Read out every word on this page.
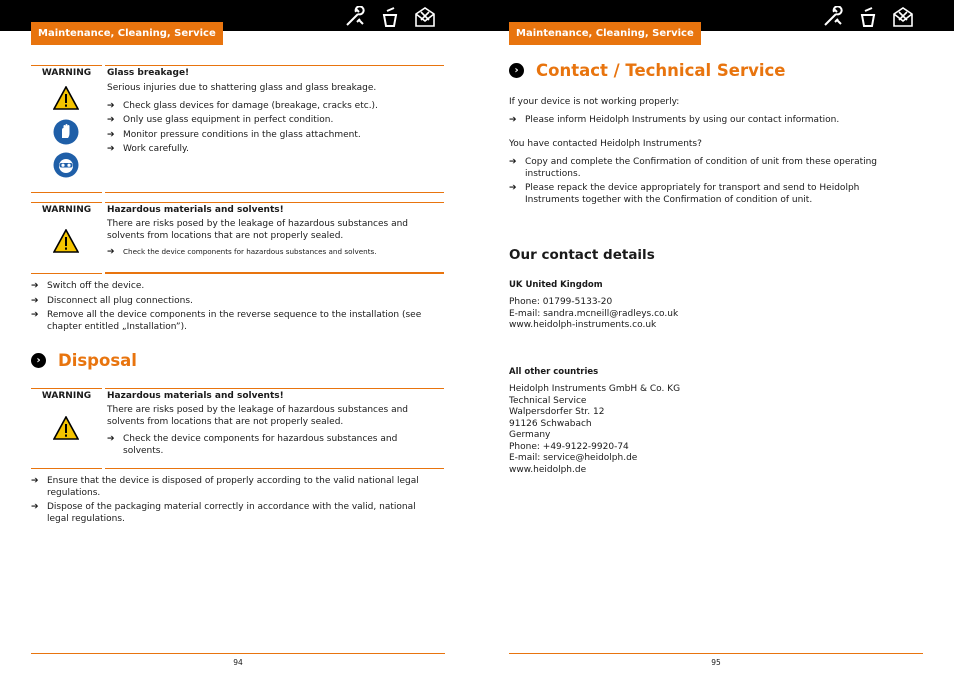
Maintenance, Cleaning, Service	Maintenance, Cleaning, Service
WARNING	Glass breakage!
Serious injuries due to shattering glass and glass breakage.
➔ Check glass devices for damage (breakage, cracks etc.).
➔ Only use glass equipment in perfect condition.
➔ Monitor pressure conditions in the glass attachment.
➔ Work carefully.
WARNING	Hazardous materials and solvents!
There are risks posed by the leakage of hazardous substances and solvents from locations that are not properly sealed.
➔ Check the device components for hazardous substances and solvents.
➔ Switch off the device.
➔ Disconnect all plug connections.
➔ Remove all the device components in the reverse sequence to the installation (see chapter entitled „Installation”).
›	Disposal
WARNING	Hazardous materials and solvents!
There are risks posed by the leakage of hazardous substances and solvents from locations that are not properly sealed.
➔ Check the device components for hazardous substances and solvents.
➔ Ensure that the device is disposed of properly according to the valid national legal regulations.
➔ Dispose of the packaging material correctly in accordance with the valid, national legal regulations.
94
›	Contact / Technical Service
If your device is not working properly:
➔ Please inform Heidolph Instruments by using our contact information.
You have contacted Heidolph Instruments?
➔ Copy and complete the Confirmation of condition of unit from these operating instructions.
➔ Please repack the device appropriately for transport and send to Heidolph Instruments together with the Confirmation of condition of unit.
Our contact details
UK United Kingdom
Phone: 01799-5133-20
E-mail: sandra.mcneill@radleys.co.uk
www.heidolph-instruments.co.uk
All other countries
Heidolph Instruments GmbH & Co. KG
Technical Service
Walpersdorfer Str. 12
91126 Schwabach
Germany
Phone: +49-9122-9920-74
E-mail: service@heidolph.de
www.heidolph.de
95
